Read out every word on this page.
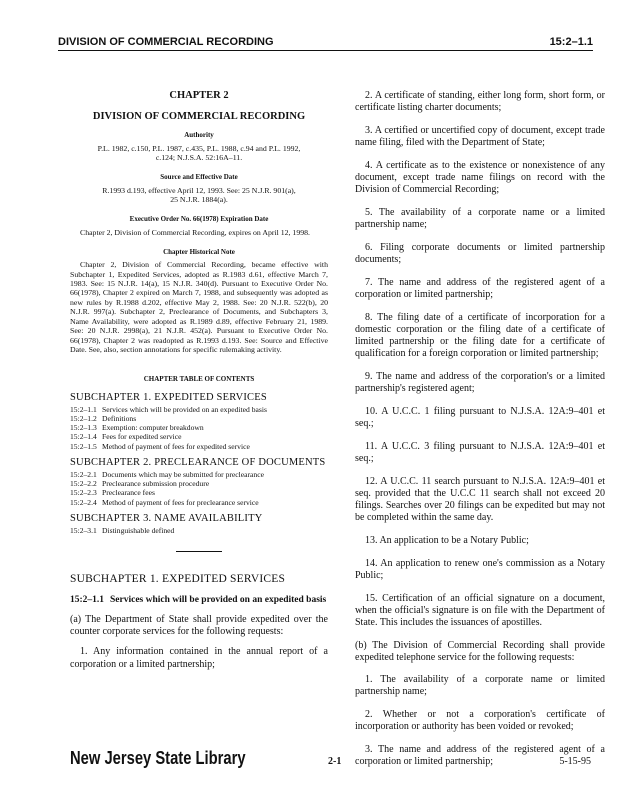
DIVISION OF COMMERCIAL RECORDING	15:2–1.1

CHAPTER 2

DIVISION OF COMMERCIAL RECORDING

Authority

P.L. 1982, c.150, P.L. 1987, c.435, P.L. 1988, c.94 and P.L. 1992, c.124; N.J.S.A. 52:16A–11.

Source and Effective Date

R.1993 d.193, effective April 12, 1993. See: 25 N.J.R. 901(a), 25 N.J.R. 1884(a).

Executive Order No. 66(1978) Expiration Date

Chapter 2, Division of Commercial Recording, expires on April 12, 1998.

Chapter Historical Note

Chapter 2, Division of Commercial Recording, became effective with Subchapter 1, Expedited Services, adopted as R.1983 d.61, effective March 7, 1983. See: 15 N.J.R. 14(a), 15 N.J.R. 340(d). Pursuant to Executive Order No. 66(1978), Chapter 2 expired on March 7, 1988, and subsequently was adopted as new rules by R.1988 d.202, effective May 2, 1988. See: 20 N.J.R. 522(b), 20 N.J.R. 997(a). Subchapter 2, Preclearance of Documents, and Subchapters 3, Name Availability, were adopted as R.1989 d.89, effective February 21, 1989. See: 20 N.J.R. 2998(a), 21 N.J.R. 452(a). Pursuant to Executive Order No. 66(1978), Chapter 2 was readopted as R.1993 d.193. See: Source and Effective Date. See, also, section annotations for specific rulemaking activity.

CHAPTER TABLE OF CONTENTS

SUBCHAPTER 1. EXPEDITED SERVICES

15:2–1.1 Services which will be provided on an expedited basis
15:2–1.2 Definitions
15:2–1.3 Exemption: computer breakdown
15:2–1.4 Fees for expedited service
15:2–1.5 Method of payment of fees for expedited service

SUBCHAPTER 2. PRECLEARANCE OF DOCUMENTS

15:2–2.1 Documents which may be submitted for preclearance
15:2–2.2 Preclearance submission procedure
15:2–2.3 Preclearance fees
15:2–2.4 Method of payment of fees for preclearance service

SUBCHAPTER 3. NAME AVAILABILITY

15:2–3.1 Distinguishable defined

SUBCHAPTER 1. EXPEDITED SERVICES

15:2–1.1 Services which will be provided on an expedited basis

(a) The Department of State shall provide expedited over the counter corporate services for the following requests:

1. Any information contained in the annual report of a corporation or a limited partnership;

2. A certificate of standing, either long form, short form, or certificate listing charter documents;

3. A certified or uncertified copy of document, except trade name filing, filed with the Department of State;

4. A certificate as to the existence or nonexistence of any document, except trade name filings on record with the Division of Commercial Recording;

5. The availability of a corporate name or a limited partnership name;

6. Filing corporate documents or limited partnership documents;

7. The name and address of the registered agent of a corporation or limited partnership;

8. The filing date of a certificate of incorporation for a domestic corporation or the filing date of a certificate of limited partnership or the filing date for a certificate of qualification for a foreign corporation or limited partnership;

9. The name and address of the corporation's or a limited partnership's registered agent;

10. A U.C.C. 1 filing pursuant to N.J.S.A. 12A:9–401 et seq.;

11. A U.C.C. 3 filing pursuant to N.J.S.A. 12A:9–401 et seq.;

12. A U.C.C. 11 search pursuant to N.J.S.A. 12A:9–401 et seq. provided that the U.C.C 11 search shall not exceed 20 filings. Searches over 20 filings can be expedited but may not be completed within the same day.

13. An application to be a Notary Public;

14. An application to renew one's commission as a Notary Public;

15. Certification of an official signature on a document, when the official's signature is on file with the Department of State. This includes the issuances of apostilles.

(b) The Division of Commercial Recording shall provide expedited telephone service for the following requests:

1. The availability of a corporate name or limited partnership name;

2. Whether or not a corporation's certificate of incorporation or authority has been voided or revoked;

3. The name and address of the registered agent of a corporation or limited partnership;

New Jersey State Library	2-1	5-15-95
